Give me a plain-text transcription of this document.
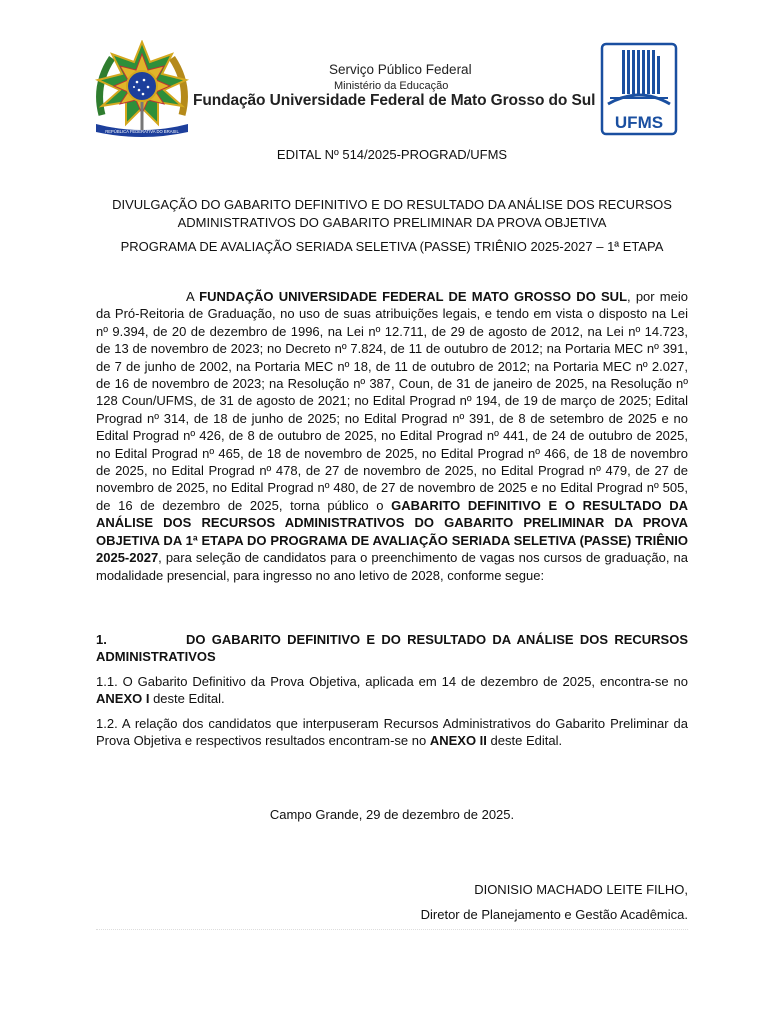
REPÚBLICA FEDERATIVA DO BRASIL
Serviço Público Federal
Ministério da Educação
Fundação Universidade Federal de Mato Grosso do Sul
UFMS
EDITAL Nº 514/2025-PROGRAD/UFMS
DIVULGAÇÃO DO GABARITO DEFINITIVO E DO RESULTADO DA ANÁLISE DOS RECURSOS
ADMINISTRATIVOS DO GABARITO PRELIMINAR DA PROVA OBJETIVA
PROGRAMA DE AVALIAÇÃO SERIADA SELETIVA (PASSE) TRIÊNIO 2025-2027 – 1ª ETAPA
A FUNDAÇÃO UNIVERSIDADE FEDERAL DE MATO GROSSO DO SUL, por meio da Pró-Reitoria de Graduação, no uso de suas atribuições legais, e tendo em vista o disposto na Lei nº 9.394, de 20 de dezembro de 1996, na Lei nº 12.711, de 29 de agosto de 2012, na Lei nº 14.723, de 13 de novembro de 2023; no Decreto nº 7.824, de 11 de outubro de 2012; na Portaria MEC nº 391, de 7 de junho de 2002, na Portaria MEC nº 18, de 11 de outubro de 2012; na Portaria MEC nº 2.027, de 16 de novembro de 2023; na Resolução nº 387, Coun, de 31 de janeiro de 2025, na Resolução nº 128 Coun/UFMS, de 31 de agosto de 2021; no Edital Prograd nº 194, de 19 de março de 2025; Edital Prograd nº 314, de 18 de junho de 2025; no Edital Prograd nº 391, de 8 de setembro de 2025 e no Edital Prograd nº 426, de 8 de outubro de 2025, no Edital Prograd nº 441, de 24 de outubro de 2025, no Edital Prograd nº 465, de 18 de novembro de 2025, no Edital Prograd nº 466, de 18 de novembro de 2025, no Edital Prograd nº 478, de 27 de novembro de 2025, no Edital Prograd nº 479, de 27 de novembro de 2025, no Edital Prograd nº 480, de 27 de novembro de 2025 e no Edital Prograd nº 505, de 16 de dezembro de 2025, torna público o GABARITO DEFINITIVO E O RESULTADO DA ANÁLISE DOS RECURSOS ADMINISTRATIVOS DO GABARITO PRELIMINAR DA PROVA OBJETIVA DA 1ª ETAPA DO PROGRAMA DE AVALIAÇÃO SERIADA SELETIVA (PASSE) TRIÊNIO 2025-2027, para seleção de candidatos para o preenchimento de vagas nos cursos de graduação, na modalidade presencial, para ingresso no ano letivo de 2028, conforme segue:
1.	DO GABARITO DEFINITIVO E DO RESULTADO DA ANÁLISE DOS RECURSOS ADMINISTRATIVOS
1.1. O Gabarito Definitivo da Prova Objetiva, aplicada em 14 de dezembro de 2025, encontra-se no ANEXO I deste Edital.
1.2. A relação dos candidatos que interpuseram Recursos Administrativos do Gabarito Preliminar da Prova Objetiva e respectivos resultados encontram-se no ANEXO II deste Edital.
Campo Grande, 29 de dezembro de 2025.
DIONISIO MACHADO LEITE FILHO,
Diretor de Planejamento e Gestão Acadêmica.
